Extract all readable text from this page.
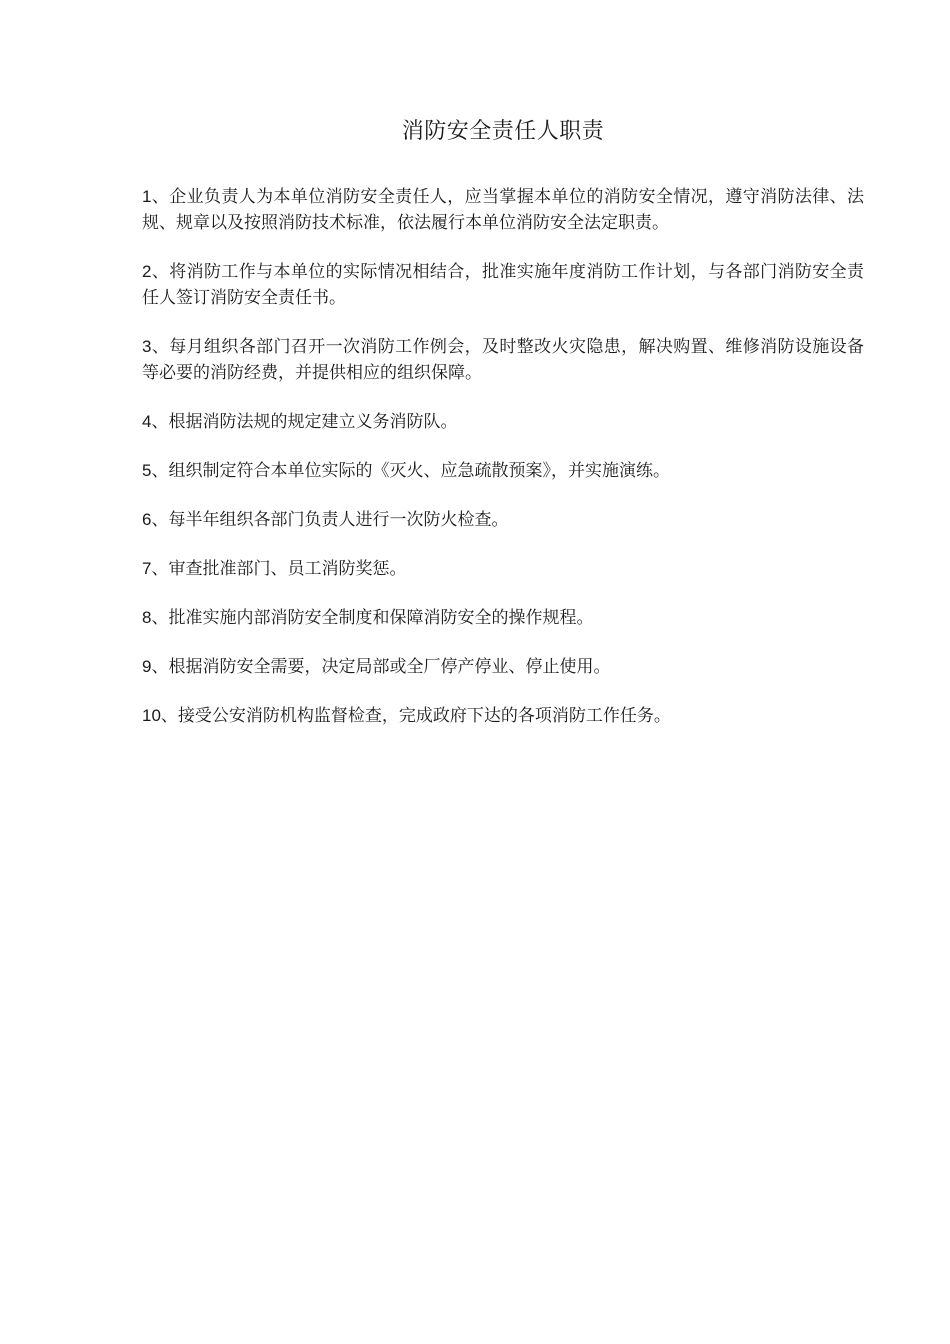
消防安全责任人职责
1、企业负责人为本单位消防安全责任人，应当掌握本单位的消防安全情况，遵守消防法律、法规、规章以及按照消防技术标准，依法履行本单位消防安全法定职责。
2、将消防工作与本单位的实际情况相结合，批准实施年度消防工作计划，与各部门消防安全责任人签订消防安全责任书。
3、每月组织各部门召开一次消防工作例会，及时整改火灾隐患，解决购置、维修消防设施设备等必要的消防经费，并提供相应的组织保障。
4、根据消防法规的规定建立义务消防队。
5、组织制定符合本单位实际的《灭火、应急疏散预案》，并实施演练。
6、每半年组织各部门负责人进行一次防火检查。
7、审查批准部门、员工消防奖惩。
8、批准实施内部消防安全制度和保障消防安全的操作规程。
9、根据消防安全需要，决定局部或全厂停产停业、停止使用。
10、接受公安消防机构监督检查，完成政府下达的各项消防工作任务。
